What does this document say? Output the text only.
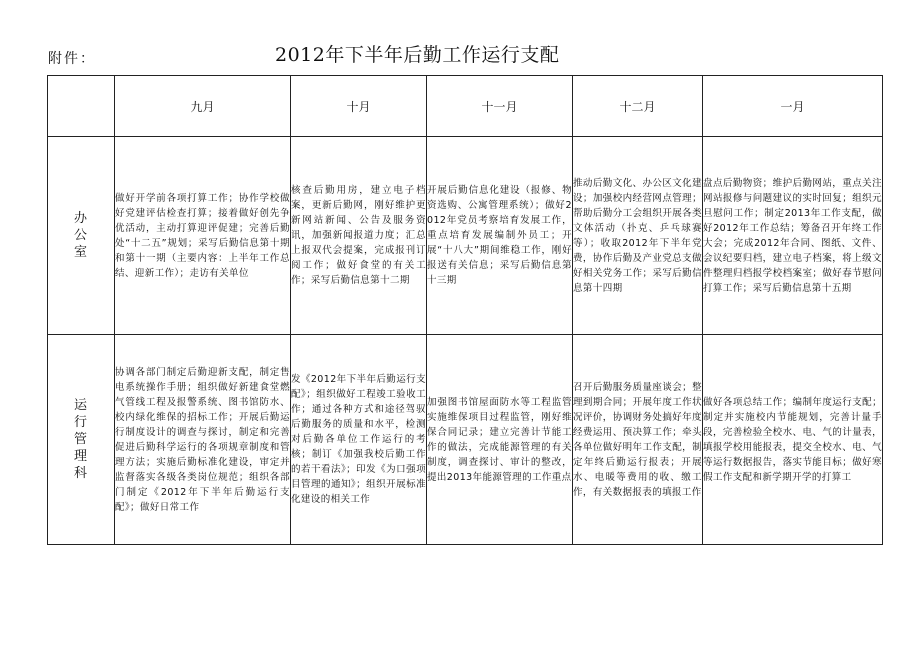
附件：	2012年下半年后勤工作运行支配
	九月	十月	十一月	十二月	一月
办公室	做好开学前各项打算工作；协作学校做好党建评估检查打算；接着做好创先争优活动，主动打算迎评促建；完善后勤处“十二五”规划；采写后勤信息第十期和第十一期（主要内容：上半年工作总结、迎新工作）；走访有关单位	核查后勤用房，建立电子档案，更新后勤网，刚好维护更新网站新闻、公告及服务资讯，加强新闻报道力度；汇总上报双代会提案，完成报刊订阅工作；做好食堂的有关工作；采写后勤信息第十二期	开展后勤信息化建设（报修、物资选购、公寓管理系统）；做好2012年党员考察培育发展工作，重点培育发展编制外员工；开展“十八大”期间维稳工作，刚好报送有关信息；采写后勤信息第十三期	推动后勤文化、办公区文化建设；加强校内经营网点管理；帮助后勤分工会组织开展各类文体活动（扑克、乒乓球赛等）；收取2012年下半年党费，协作后勤及产业党总支做好相关党务工作；采写后勤信息第十四期	盘点后勤物资；维护后勤网站，重点关注网站报修与问题建议的实时回复；组织元旦慰问工作；制定2013年工作支配，做好2012年工作总结；筹备召开年终工作大会；完成2012年合同、图纸、文件、会议纪要归档，建立电子档案，将上级文件整理归档报学校档案室；做好春节慰问打算工作；采写后勤信息第十五期
运行管理科	协调各部门制定后勤迎新支配，制定售电系统操作手册；组织做好新建食堂燃气管线工程及报警系统、图书馆防水、校内绿化维保的招标工作；开展后勤运行制度设计的调查与探讨，制定和完善促进后勤科学运行的各项规章制度和管理方法；实施后勤标准化建设，审定并监督落实各级各类岗位规范；组织各部门制定《2012年下半年后勤运行支配》；做好日常工作	发《2012年下半年后勤运行支配》；组织做好工程竣工验收工作；通过各种方式和途径驾驭后勤服务的质量和水平，检测对后勤各单位工作运行的考核；制订《加强我校后勤工作的若干看法》；印发《为口强项目管理的通知》；组织开展标准化建设的相关工作	加强图书馆屋面防水等工程监管实施维保项目过程监管，刚好维保合同记录；建立完善计节能工作的做法，完成能源管理的有关制度，调查探讨、审计的整改，提出2013年能源管理的工作重点	召开后勤服务质量座谈会；整理到期合同；开展年度工作状况评价，协调财务处搞好年度经费运用、预决算工作；牵头各单位做好明年工作支配，制定年终后勤运行报表；开展水、电暖等费用的收、缴工作，有关数据报表的填报工作	做好各项总结工作；编制年度运行支配；制定并实施校内节能规划，完善计量手段，完善检验全校水、电、气的计量表，填报学校用能报表，提交全校水、电、气等运行数据报告，落实节能目标；做好寒假工作支配和新学期开学的打算工
